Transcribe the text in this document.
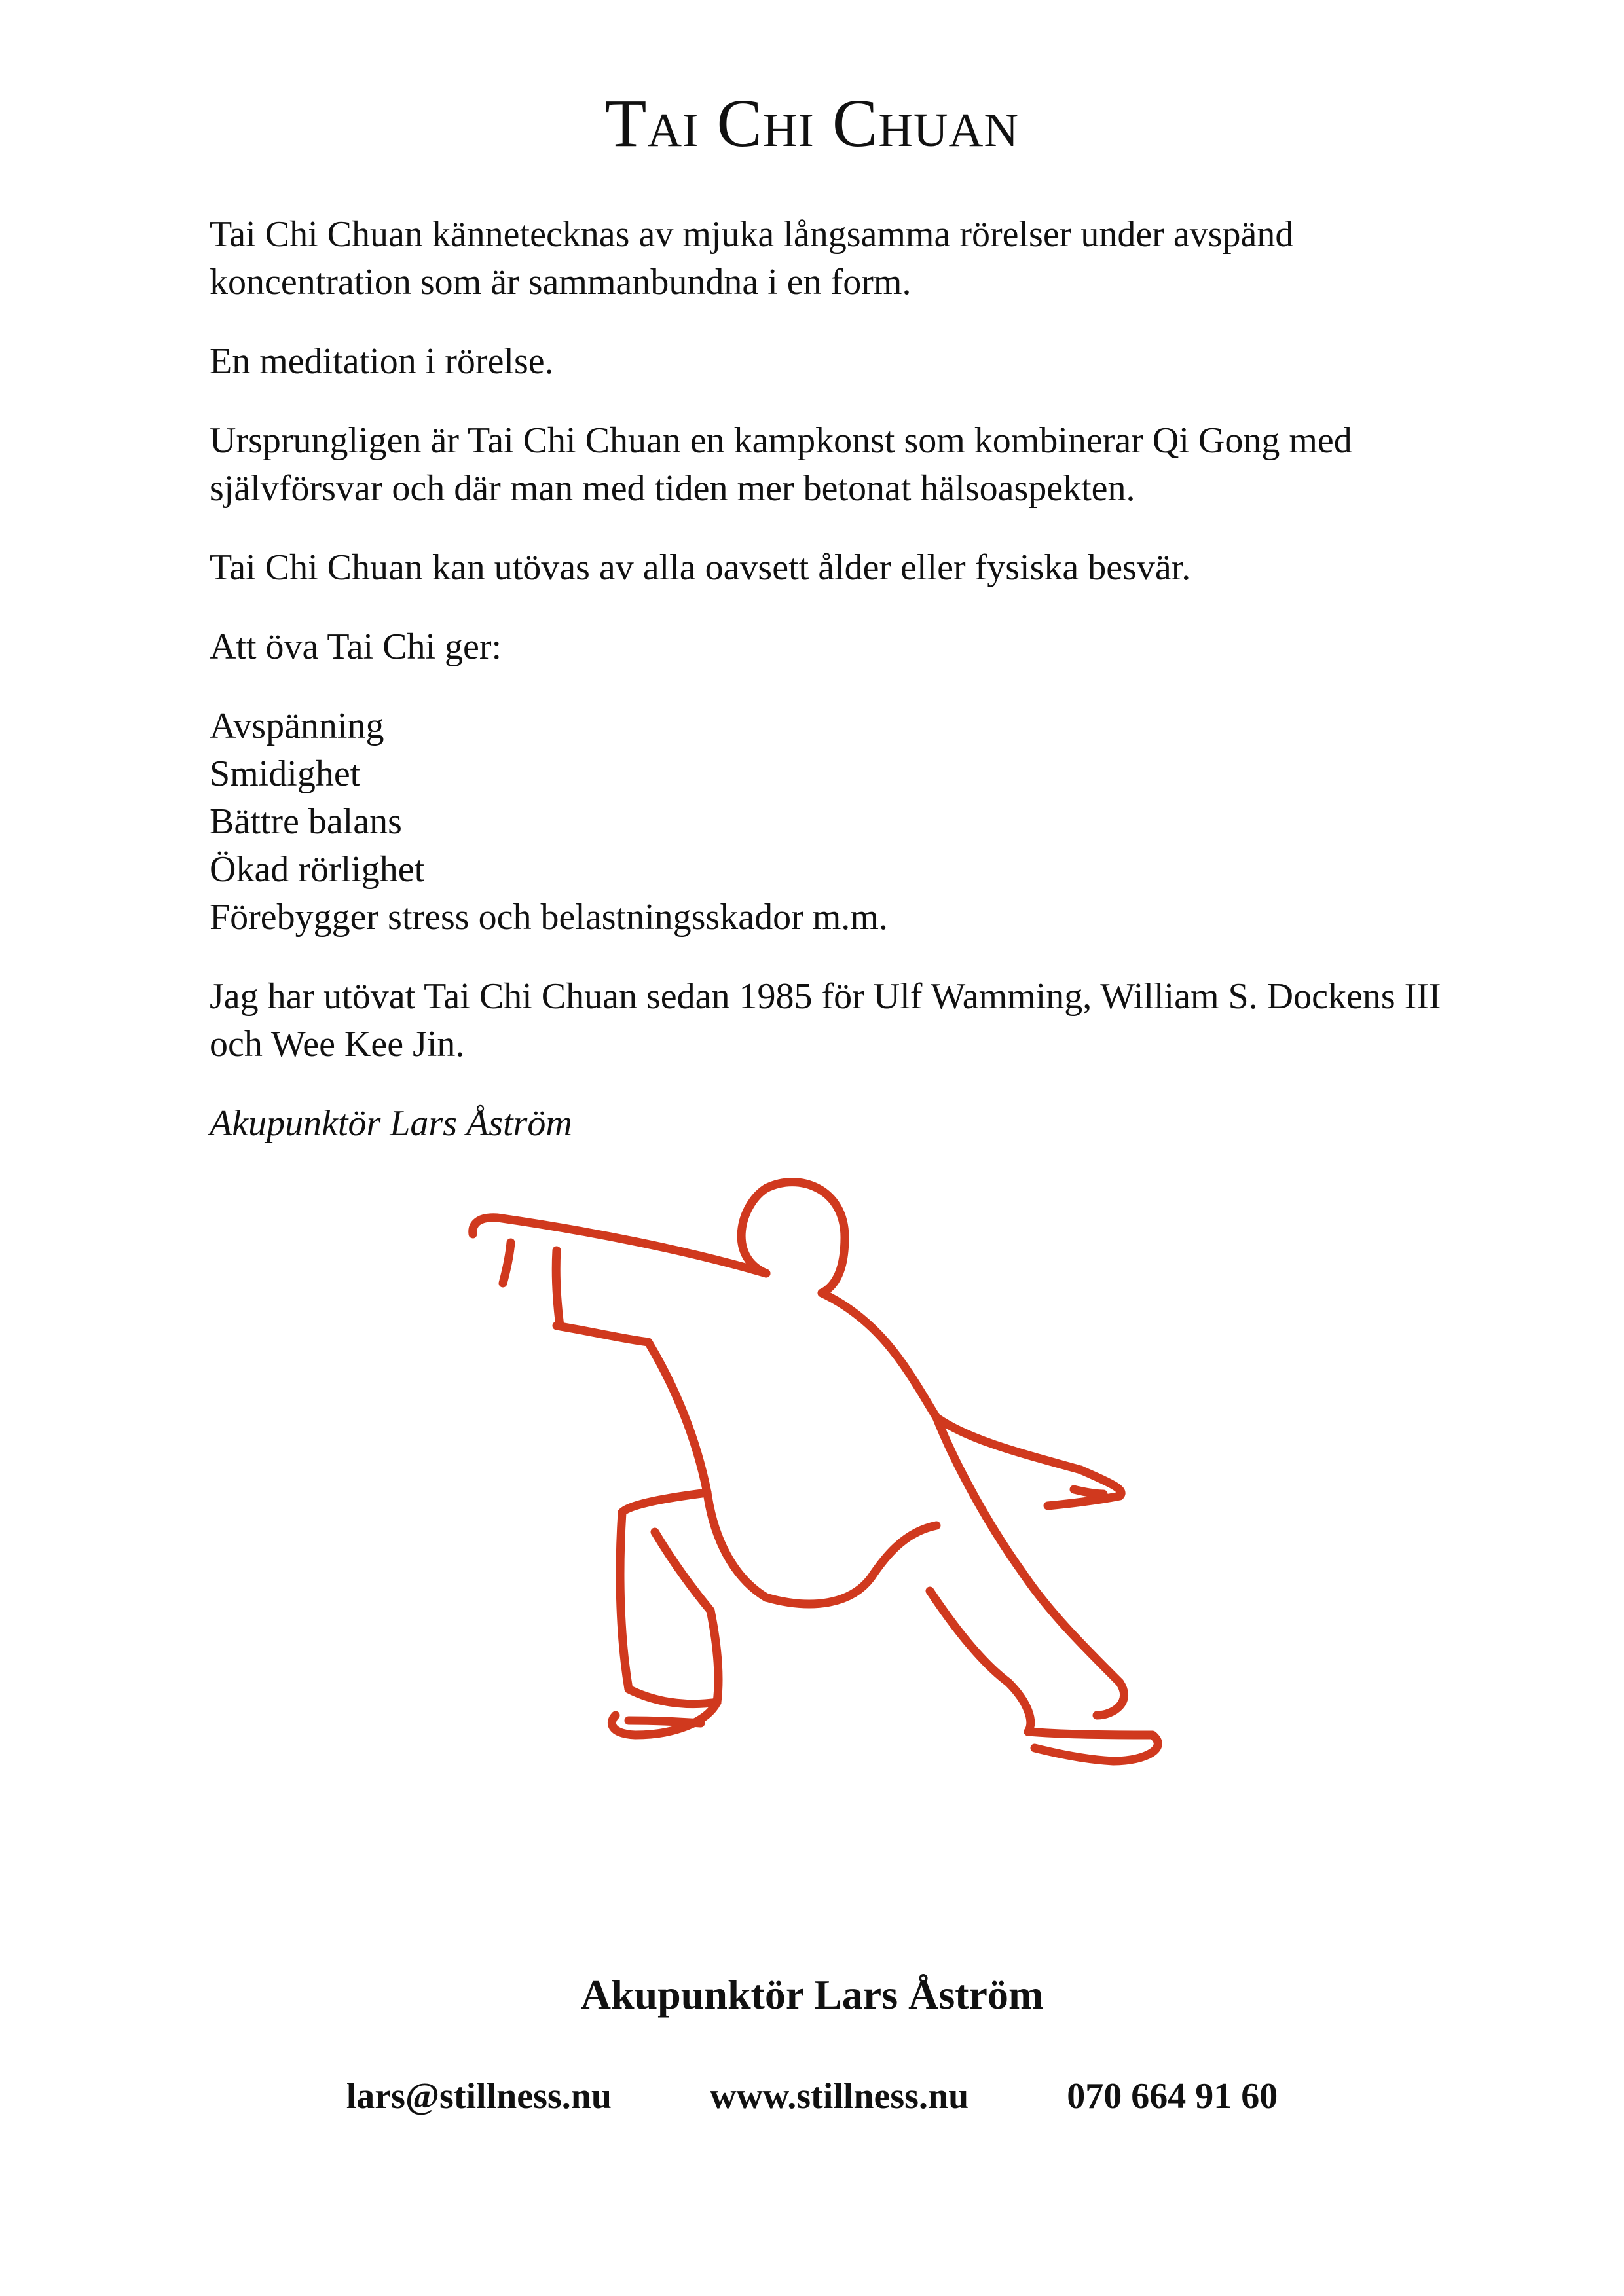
Tai Chi Chuan

Tai Chi Chuan kännetecknas av mjuka långsamma rörelser under avspänd koncentration som är sammanbundna i en form.

En meditation i rörelse.

Ursprungligen är Tai Chi Chuan en kampkonst som kombinerar Qi Gong med självförsvar och där man med tiden mer betonat hälsoaspekten.

Tai Chi Chuan kan utövas av alla oavsett ålder eller fysiska besvär.

Att öva Tai Chi ger:

Avspänning
Smidighet
Bättre balans
Ökad rörlighet
Förebygger stress och belastningsskador m.m.

Jag har utövat Tai Chi Chuan sedan 1985 för Ulf Wamming, William S. Dockens III och Wee Kee Jin.

Akupunktör Lars Åström

Akupunktör Lars Åström
lars@stillness.nu	www.stillness.nu	070 664 91 60
